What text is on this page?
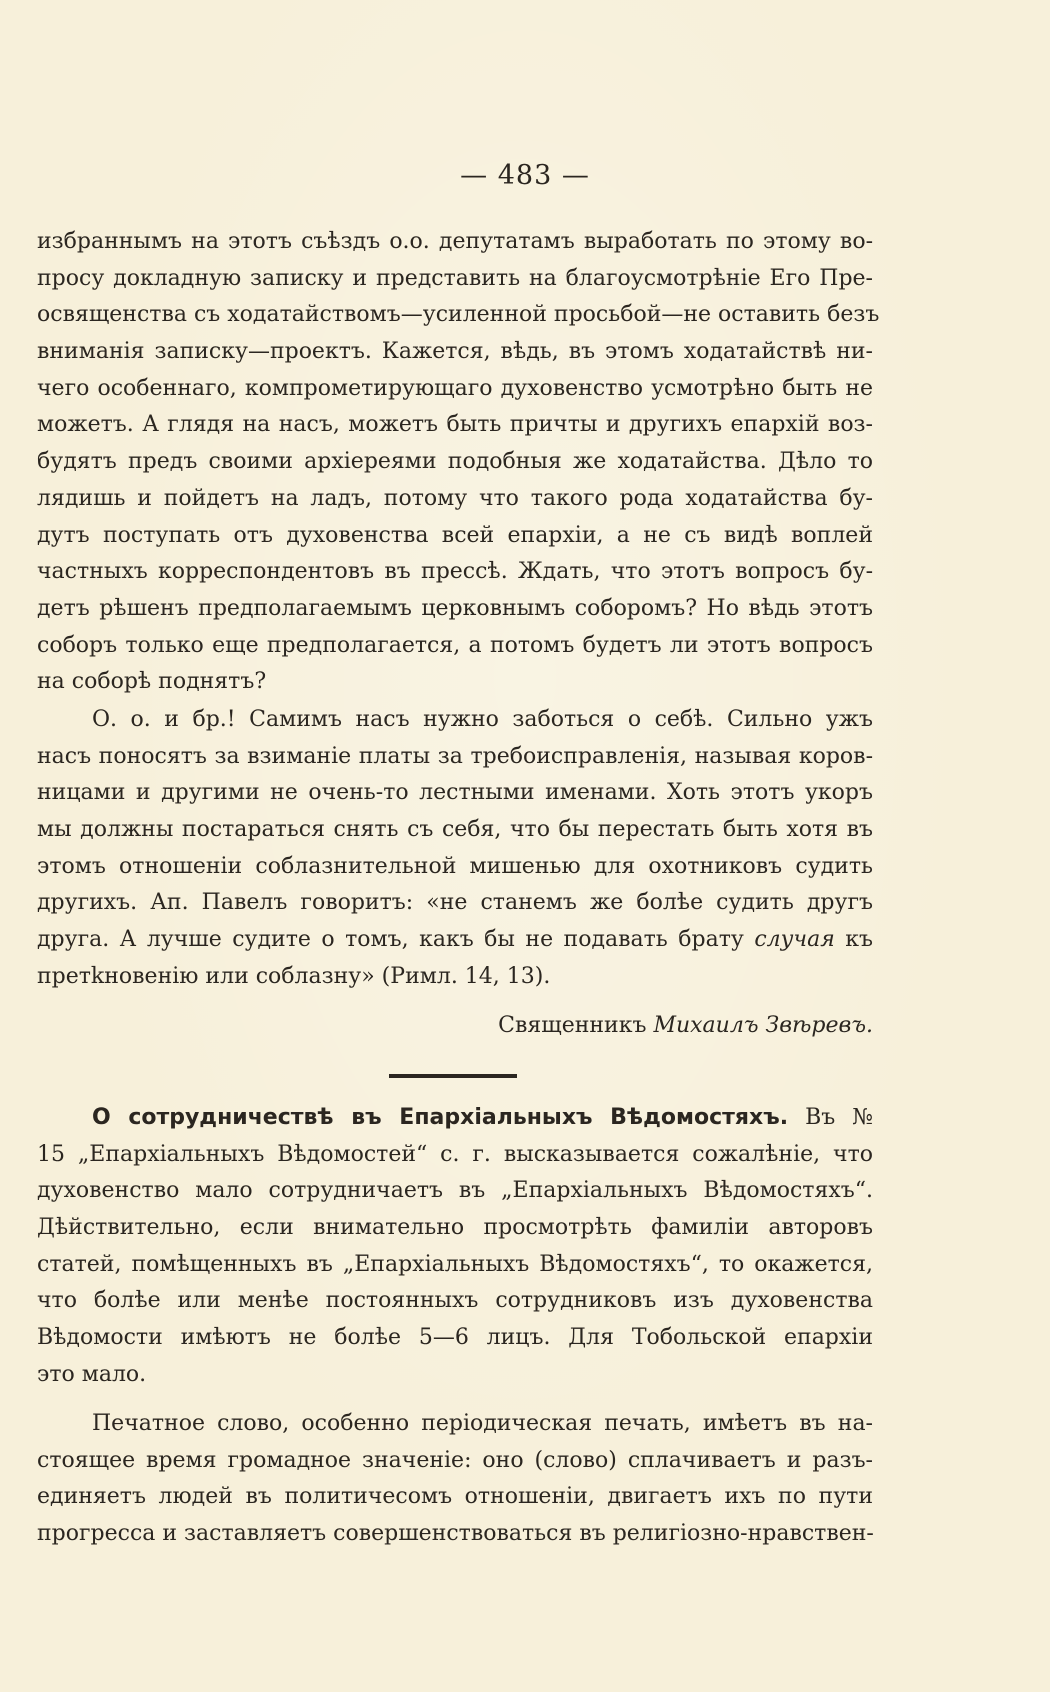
— 483 —
избраннымъ на этотъ съѣздъ о.о. депутатамъ выработать по этому во-
просу докладную записку и представить на благоусмотрѣніе Его Пре-
освященства съ ходатайствомъ—усиленной просьбой—не оставить безъ
вниманія записку—проектъ. Кажется, вѣдь, въ этомъ ходатайствѣ ни-
чего особеннаго, компрометирующаго духовенство усмотрѣно быть не
можетъ. А глядя на насъ, можетъ быть причты и другихъ епархій воз-
будятъ предъ своими архіереями подобныя же ходатайства. Дѣло то
лядишь и пойдетъ на ладъ, потому что такого рода ходатайства бу-
дутъ поступать отъ духовенства всей епархіи, а не съ видѣ воплей
частныхъ корреспондентовъ въ прессѣ. Ждать, что этотъ вопросъ бу-
детъ рѣшенъ предполагаемымъ церковнымъ соборомъ? Но вѣдь этотъ
соборъ только еще предполагается, а потомъ будетъ ли этотъ вопросъ
на соборѣ поднятъ?
О. о. и бр.! Самимъ насъ нужно заботься о себѣ. Сильно ужъ
насъ поносятъ за взиманіе платы за требоисправленія, называя коров-
ницами и другими не очень-то лестными именами. Хоть этотъ укоръ
мы должны постараться снять съ себя, что бы перестать быть хотя въ
этомъ отношеніи соблазнительной мишенью для охотниковъ судить
другихъ. Ап. Павелъ говоритъ: «не станемъ же болѣе судить другъ
друга. А лучше судите о томъ, какъ бы не подавать брату случая къ
претkновенію или соблазну» (Римл. 14, 13).
Священникъ Михаилъ Звѣревъ.
О сотрудничествѣ въ Епархіальныхъ Вѣдомостяхъ. Въ №
15 „Епархіальныхъ Вѣдомостей“ с. г. высказывается сожалѣніе, что
духовенство мало сотрудничаетъ въ „Епархіальныхъ Вѣдомостяхъ“.
Дѣйствительно, если внимательно просмотрѣть фамиліи авторовъ
статей, помѣщенныхъ въ „Епархіальныхъ Вѣдомостяхъ“, то окажется,
что болѣе или менѣе постоянныхъ сотрудниковъ изъ духовенства
Вѣдомости имѣютъ не болѣе 5—6 лицъ. Для Тобольской епархіи
это мало.
Печатное слово, особенно періодическая печать, имѣетъ въ на-
стоящее время громадное значеніе: оно (слово) сплачиваетъ и разъ-
единяетъ людей въ политичесомъ отношеніи, двигаетъ ихъ по пути
прогресса и заставляетъ совершенствоваться въ религіозно-нравствен-
